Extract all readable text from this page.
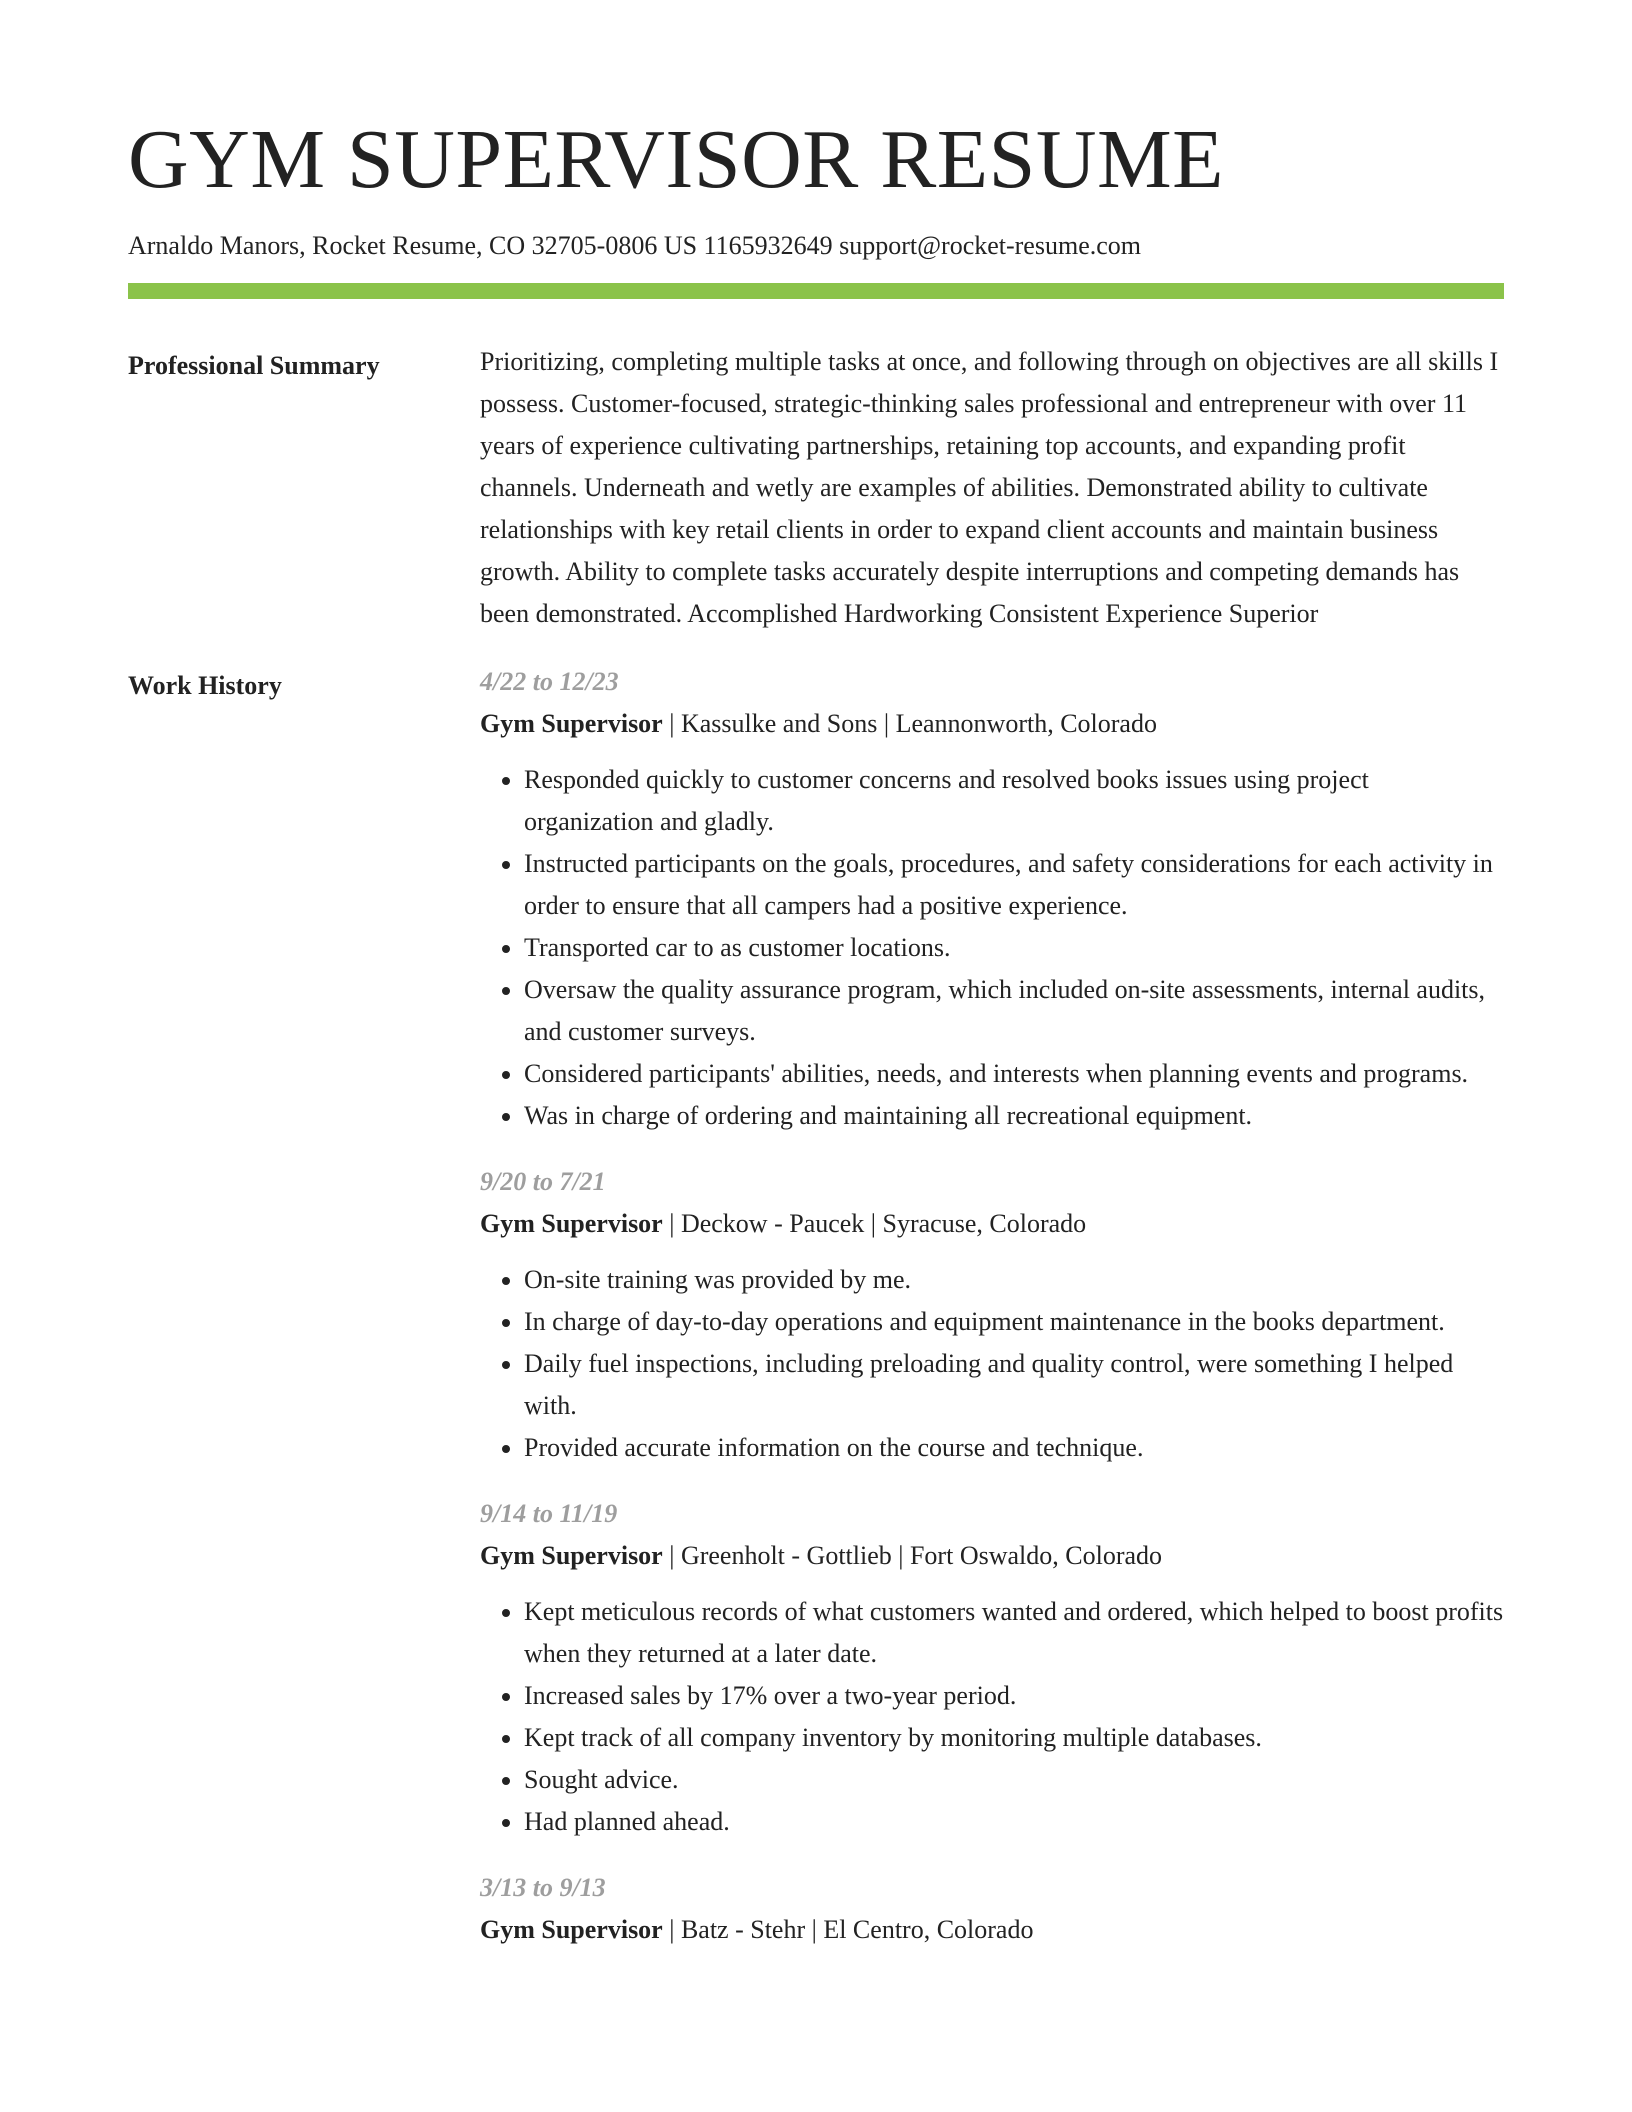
GYM SUPERVISOR RESUME
Arnaldo Manors, Rocket Resume, CO 32705-0806 US 1165932649 support@rocket-resume.com
Professional Summary	Prioritizing, completing multiple tasks at once, and following through on objectives are all skills I possess. Customer-focused, strategic-thinking sales professional and entrepreneur with over 11 years of experience cultivating partnerships, retaining top accounts, and expanding profit channels. Underneath and wetly are examples of abilities. Demonstrated ability to cultivate relationships with key retail clients in order to expand client accounts and maintain business growth. Ability to complete tasks accurately despite interruptions and competing demands has been demonstrated. Accomplished Hardworking Consistent Experience Superior

Work History	4/22 to 12/23
Gym Supervisor | Kassulke and Sons | Leannonworth, Colorado
• Responded quickly to customer concerns and resolved books issues using project organization and gladly.
• Instructed participants on the goals, procedures, and safety considerations for each activity in order to ensure that all campers had a positive experience.
• Transported car to as customer locations.
• Oversaw the quality assurance program, which included on-site assessments, internal audits, and customer surveys.
• Considered participants' abilities, needs, and interests when planning events and programs.
• Was in charge of ordering and maintaining all recreational equipment.
9/20 to 7/21
Gym Supervisor | Deckow - Paucek | Syracuse, Colorado
• On-site training was provided by me.
• In charge of day-to-day operations and equipment maintenance in the books department.
• Daily fuel inspections, including preloading and quality control, were something I helped with.
• Provided accurate information on the course and technique.
9/14 to 11/19
Gym Supervisor | Greenholt - Gottlieb | Fort Oswaldo, Colorado
• Kept meticulous records of what customers wanted and ordered, which helped to boost profits when they returned at a later date.
• Increased sales by 17% over a two-year period.
• Kept track of all company inventory by monitoring multiple databases.
• Sought advice.
• Had planned ahead.
3/13 to 9/13
Gym Supervisor | Batz - Stehr | El Centro, Colorado
